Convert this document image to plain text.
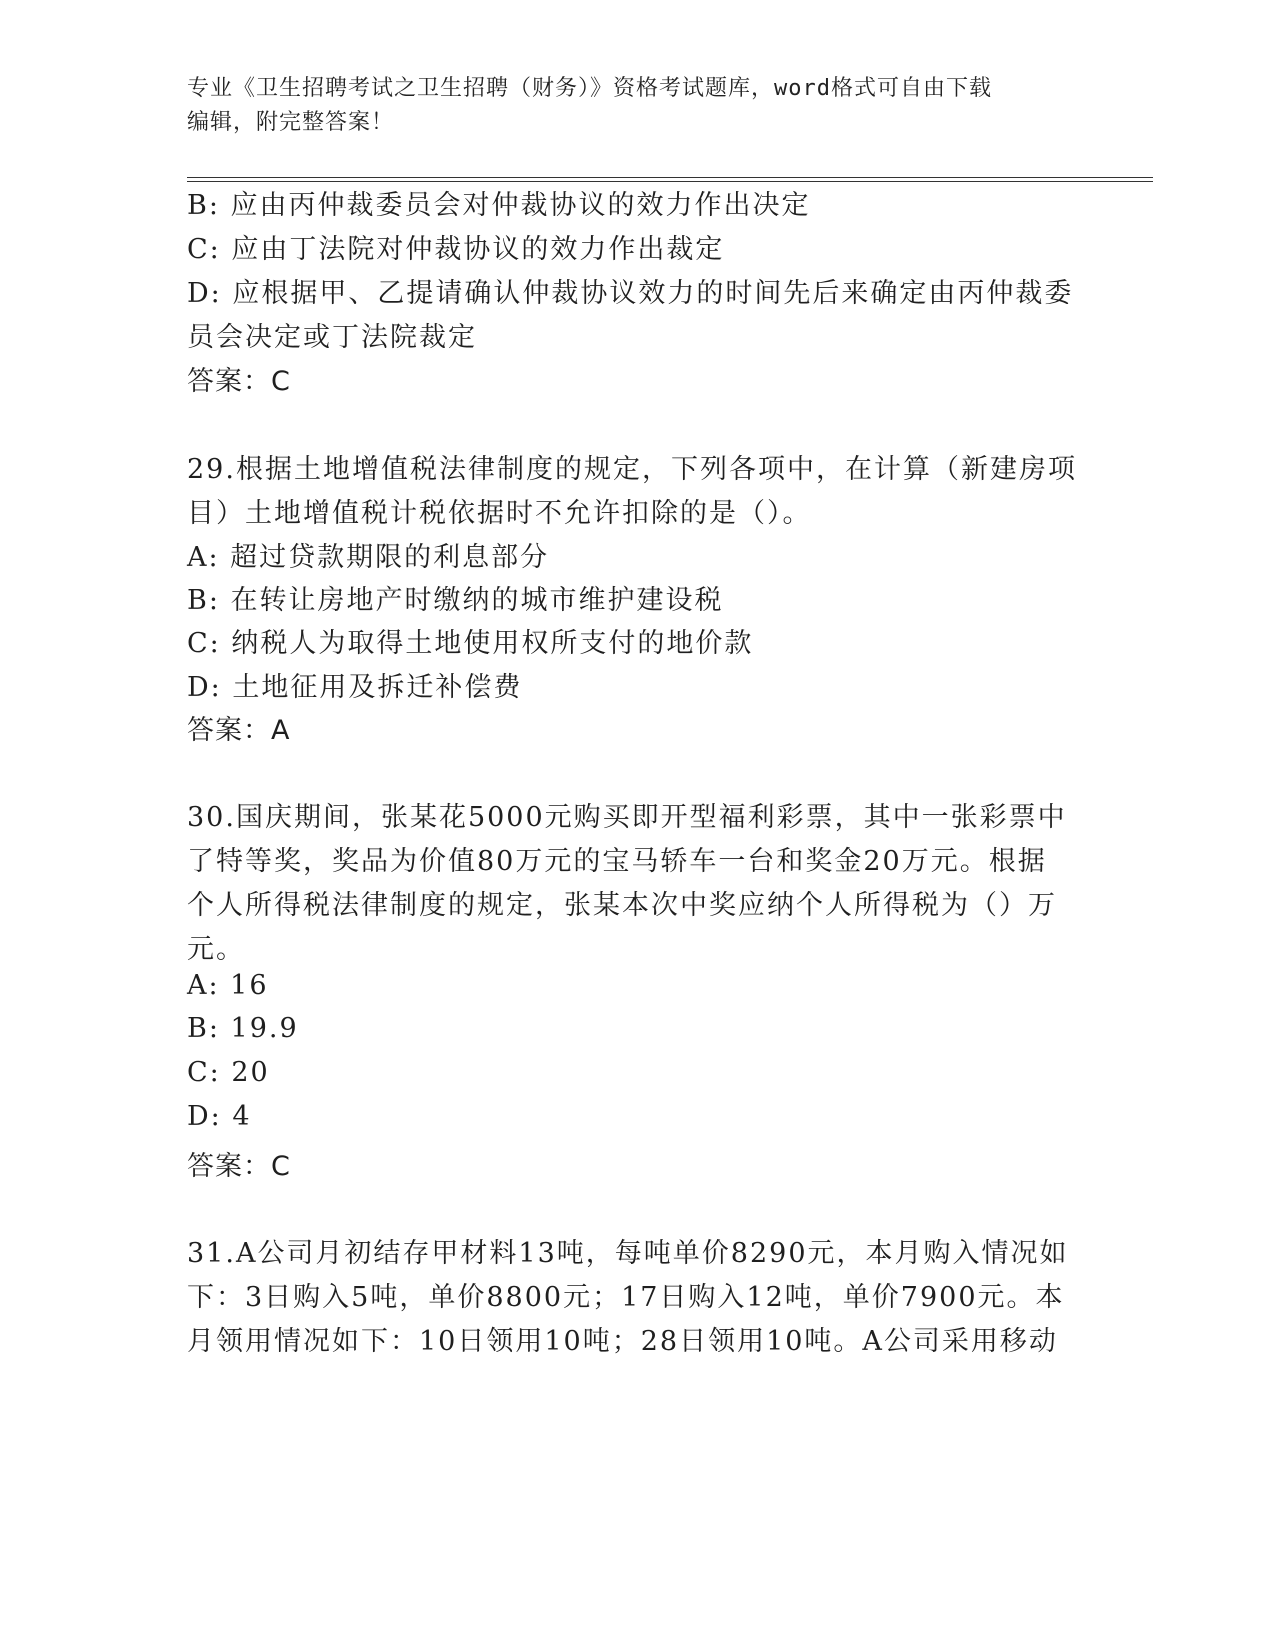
专业《卫生招聘考试之卫生招聘（财务）》资格考试题库，word格式可自由下载
编辑，附完整答案！
B: 应由丙仲裁委员会对仲裁协议的效力作出决定
C: 应由丁法院对仲裁协议的效力作出裁定
D: 应根据甲、乙提请确认仲裁协议效力的时间先后来确定由丙仲裁委
员会决定或丁法院裁定
答案：C
29.根据土地增值税法律制度的规定，下列各项中，在计算（新建房项
目）土地增值税计税依据时不允许扣除的是（）。
A: 超过贷款期限的利息部分
B: 在转让房地产时缴纳的城市维护建设税
C: 纳税人为取得土地使用权所支付的地价款
D: 土地征用及拆迁补偿费
答案：A
30.国庆期间，张某花5000元购买即开型福利彩票，其中一张彩票中
了特等奖，奖品为价值80万元的宝马轿车一台和奖金20万元。根据
个人所得税法律制度的规定，张某本次中奖应纳个人所得税为（）万
元。
A: 16
B: 19.9
C: 20
D: 4
答案：C
31.A公司月初结存甲材料13吨，每吨单价8290元，本月购入情况如
下：3日购入5吨，单价8800元；17日购入12吨，单价7900元。本
月领用情况如下：10日领用10吨；28日领用10吨。A公司采用移动
